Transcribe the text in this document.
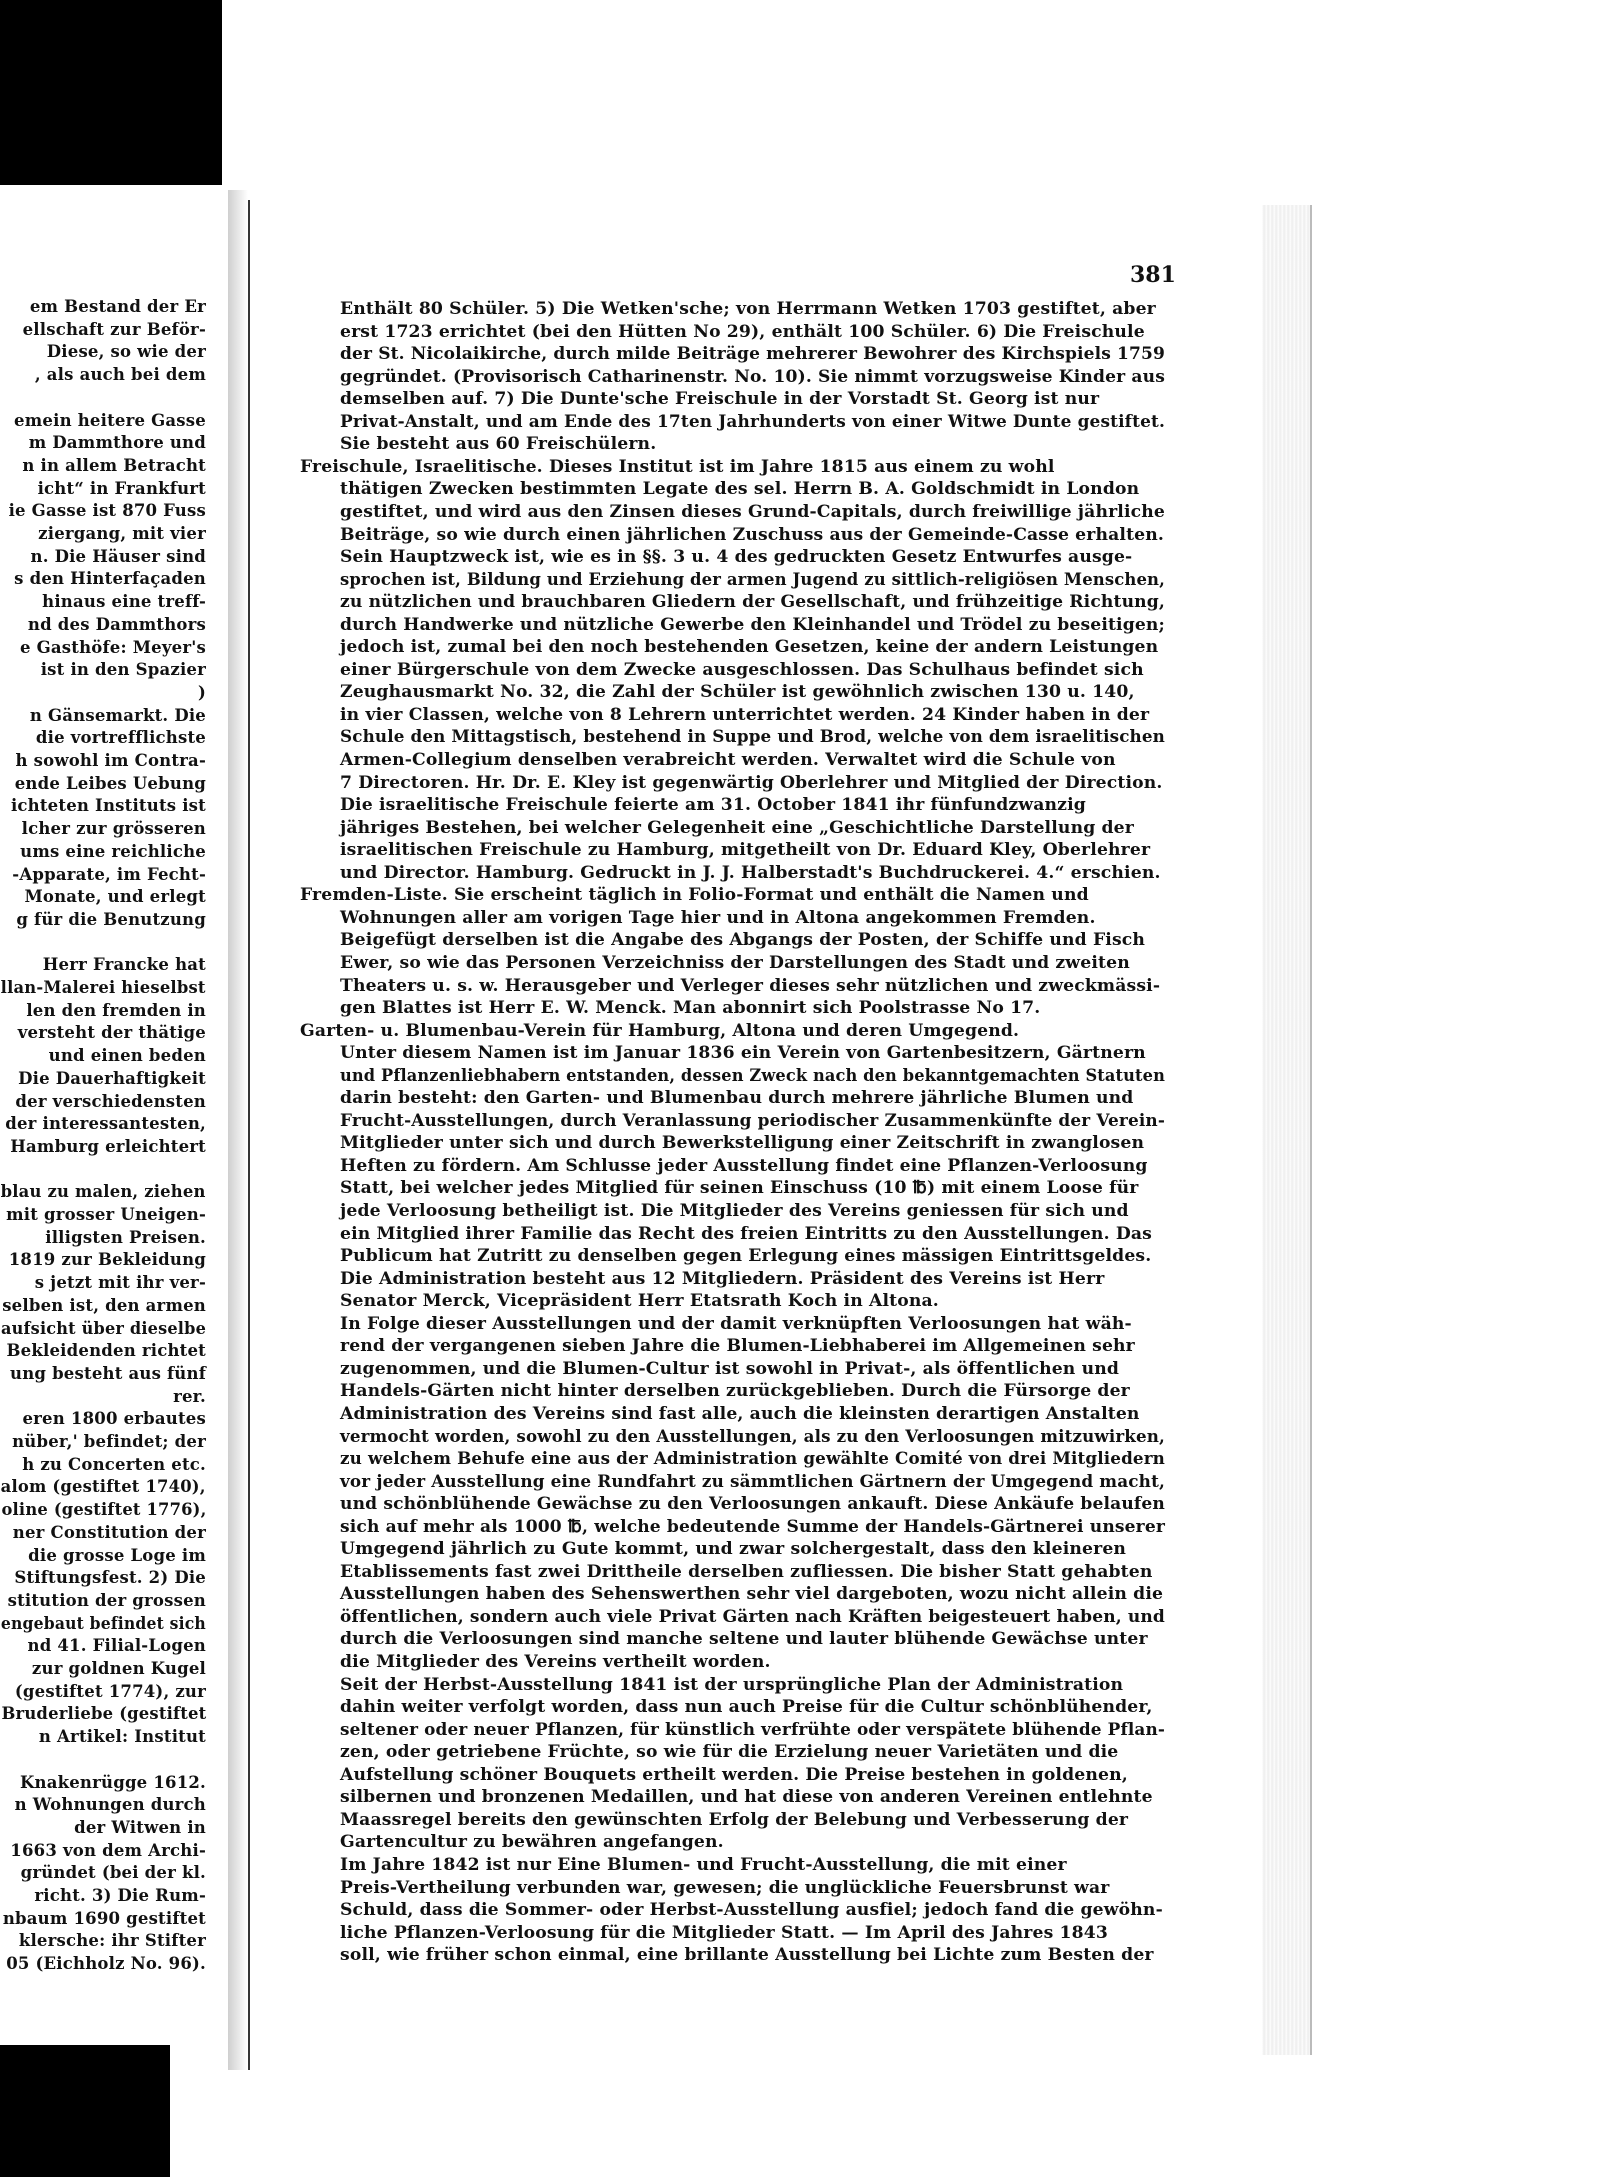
em Bestand der Er
ellschaft zur Beför-
Diese, so wie der
, als auch bei dem
emein heitere Gasse
m Dammthore und
n in allem Betracht
icht“ in Frankfurt
ie Gasse ist 870 Fuss
ziergang, mit vier
n. Die Häuser sind
s den Hinterfaçaden
hinaus eine treff-
nd des Dammthors
e Gasthöfe: Meyer's
ist in den Spazier
)
n Gänsemarkt. Die
die vortrefflichste
h sowohl im Contra-
ende Leibes Uebung
ichteten Instituts ist
lcher zur grösseren
ums eine reichliche
-Apparate, im Fecht-
Monate, und erlegt
g für die Benutzung
Herr Francke hat
llan-Malerei hieselbst
len den fremden in
versteht der thätige
und einen beden
Die Dauerhaftigkeit
der verschiedensten
der interessantesten,
Hamburg erleichtert
blau zu malen, ziehen
mit grosser Uneigen-
illigsten Preisen.
1819 zur Bekleidung
s jetzt mit ihr ver-
selben ist, den armen
aufsicht über dieselbe
Bekleidenden richtet
ung besteht aus fünf
rer.
eren 1800 erbautes
nüber,' befindet; der
h zu Concerten etc.
alom (gestiftet 1740),
oline (gestiftet 1776),
ner Constitution der
die grosse Loge im
Stiftungsfest. 2) Die
stitution der grossen
engebaut befindet sich
nd 41. Filial-Logen
zur goldnen Kugel
(gestiftet 1774), zur
Bruderliebe (gestiftet
n Artikel: Institut
Knakenrügge 1612.
n Wohnungen durch
der Witwen in
1663 von dem Archi-
gründet (bei der kl.
richt. 3) Die Rum-
nbaum 1690 gestiftet
klersche: ihr Stifter
05 (Eichholz No. 96).
381
Enthält 80 Schüler. 5) Die Wetken'sche; von Herrmann Wetken 1703 gestiftet, aber
erst 1723 errichtet (bei den Hütten No 29), enthält 100 Schüler. 6) Die Freischule
der St. Nicolaikirche, durch milde Beiträge mehrerer Bewohrer des Kirchspiels 1759
gegründet. (Provisorisch Catharinenstr. No. 10). Sie nimmt vorzugsweise Kinder aus
demselben auf. 7) Die Dunte'sche Freischule in der Vorstadt St. Georg ist nur
Privat-Anstalt, und am Ende des 17ten Jahrhunderts von einer Witwe Dunte gestiftet.
Sie besteht aus 60 Freischülern.
Freischule, Israelitische. Dieses Institut ist im Jahre 1815 aus einem zu wohl
thätigen Zwecken bestimmten Legate des sel. Herrn B. A. Goldschmidt in London
gestiftet, und wird aus den Zinsen dieses Grund-Capitals, durch freiwillige jährliche
Beiträge, so wie durch einen jährlichen Zuschuss aus der Gemeinde-Casse erhalten.
Sein Hauptzweck ist, wie es in §§. 3 u. 4 des gedruckten Gesetz Entwurfes ausge-
sprochen ist, Bildung und Erziehung der armen Jugend zu sittlich-religiösen Menschen,
zu nützlichen und brauchbaren Gliedern der Gesellschaft, und frühzeitige Richtung,
durch Handwerke und nützliche Gewerbe den Kleinhandel und Trödel zu beseitigen;
jedoch ist, zumal bei den noch bestehenden Gesetzen, keine der andern Leistungen
einer Bürgerschule von dem Zwecke ausgeschlossen. Das Schulhaus befindet sich
Zeughausmarkt No. 32, die Zahl der Schüler ist gewöhnlich zwischen 130 u. 140,
in vier Classen, welche von 8 Lehrern unterrichtet werden. 24 Kinder haben in der
Schule den Mittagstisch, bestehend in Suppe und Brod, welche von dem israelitischen
Armen-Collegium denselben verabreicht werden. Verwaltet wird die Schule von
7 Directoren. Hr. Dr. E. Kley ist gegenwärtig Oberlehrer und Mitglied der Direction.
Die israelitische Freischule feierte am 31. October 1841 ihr fünfundzwanzig
jähriges Bestehen, bei welcher Gelegenheit eine „Geschichtliche Darstellung der
israelitischen Freischule zu Hamburg, mitgetheilt von Dr. Eduard Kley, Oberlehrer
und Director. Hamburg. Gedruckt in J. J. Halberstadt's Buchdruckerei. 4.“ erschien.
Fremden-Liste. Sie erscheint täglich in Folio-Format und enthält die Namen und
Wohnungen aller am vorigen Tage hier und in Altona angekommen Fremden.
Beigefügt derselben ist die Angabe des Abgangs der Posten, der Schiffe und Fisch
Ewer, so wie das Personen Verzeichniss der Darstellungen des Stadt und zweiten
Theaters u. s. w. Herausgeber und Verleger dieses sehr nützlichen und zweckmässi-
gen Blattes ist Herr E. W. Menck. Man abonnirt sich Poolstrasse No 17.
Garten- u. Blumenbau-Verein für Hamburg, Altona und deren Umgegend.
Unter diesem Namen ist im Januar 1836 ein Verein von Gartenbesitzern, Gärtnern
und Pflanzenliebhabern entstanden, dessen Zweck nach den bekanntgemachten Statuten
darin besteht: den Garten- und Blumenbau durch mehrere jährliche Blumen und
Frucht-Ausstellungen, durch Veranlassung periodischer Zusammenkünfte der Verein-
Mitglieder unter sich und durch Bewerkstelligung einer Zeitschrift in zwanglosen
Heften zu fördern. Am Schlusse jeder Ausstellung findet eine Pflanzen-Verloosung
Statt, bei welcher jedes Mitglied für seinen Einschuss (10 ℔) mit einem Loose für
jede Verloosung betheiligt ist. Die Mitglieder des Vereins geniessen für sich und
ein Mitglied ihrer Familie das Recht des freien Eintritts zu den Ausstellungen. Das
Publicum hat Zutritt zu denselben gegen Erlegung eines mässigen Eintrittsgeldes.
Die Administration besteht aus 12 Mitgliedern. Präsident des Vereins ist Herr
Senator Merck, Vicepräsident Herr Etatsrath Koch in Altona.
In Folge dieser Ausstellungen und der damit verknüpften Verloosungen hat wäh-
rend der vergangenen sieben Jahre die Blumen-Liebhaberei im Allgemeinen sehr
zugenommen, und die Blumen-Cultur ist sowohl in Privat-, als öffentlichen und
Handels-Gärten nicht hinter derselben zurückgeblieben. Durch die Fürsorge der
Administration des Vereins sind fast alle, auch die kleinsten derartigen Anstalten
vermocht worden, sowohl zu den Ausstellungen, als zu den Verloosungen mitzuwirken,
zu welchem Behufe eine aus der Administration gewählte Comité von drei Mitgliedern
vor jeder Ausstellung eine Rundfahrt zu sämmtlichen Gärtnern der Umgegend macht,
und schönblühende Gewächse zu den Verloosungen ankauft. Diese Ankäufe belaufen
sich auf mehr als 1000 ℔, welche bedeutende Summe der Handels-Gärtnerei unserer
Umgegend jährlich zu Gute kommt, und zwar solchergestalt, dass den kleineren
Etablissements fast zwei Drittheile derselben zufliessen. Die bisher Statt gehabten
Ausstellungen haben des Sehenswerthen sehr viel dargeboten, wozu nicht allein die
öffentlichen, sondern auch viele Privat Gärten nach Kräften beigesteuert haben, und
durch die Verloosungen sind manche seltene und lauter blühende Gewächse unter
die Mitglieder des Vereins vertheilt worden.
Seit der Herbst-Ausstellung 1841 ist der ursprüngliche Plan der Administration
dahin weiter verfolgt worden, dass nun auch Preise für die Cultur schönblühender,
seltener oder neuer Pflanzen, für künstlich verfrühte oder verspätete blühende Pflan-
zen, oder getriebene Früchte, so wie für die Erzielung neuer Varietäten und die
Aufstellung schöner Bouquets ertheilt werden. Die Preise bestehen in goldenen,
silbernen und bronzenen Medaillen, und hat diese von anderen Vereinen entlehnte
Maassregel bereits den gewünschten Erfolg der Belebung und Verbesserung der
Gartencultur zu bewähren angefangen.
Im Jahre 1842 ist nur Eine Blumen- und Frucht-Ausstellung, die mit einer
Preis-Vertheilung verbunden war, gewesen; die unglückliche Feuersbrunst war
Schuld, dass die Sommer- oder Herbst-Ausstellung ausfiel; jedoch fand die gewöhn-
liche Pflanzen-Verloosung für die Mitglieder Statt. — Im April des Jahres 1843
soll, wie früher schon einmal, eine brillante Ausstellung bei Lichte zum Besten der
